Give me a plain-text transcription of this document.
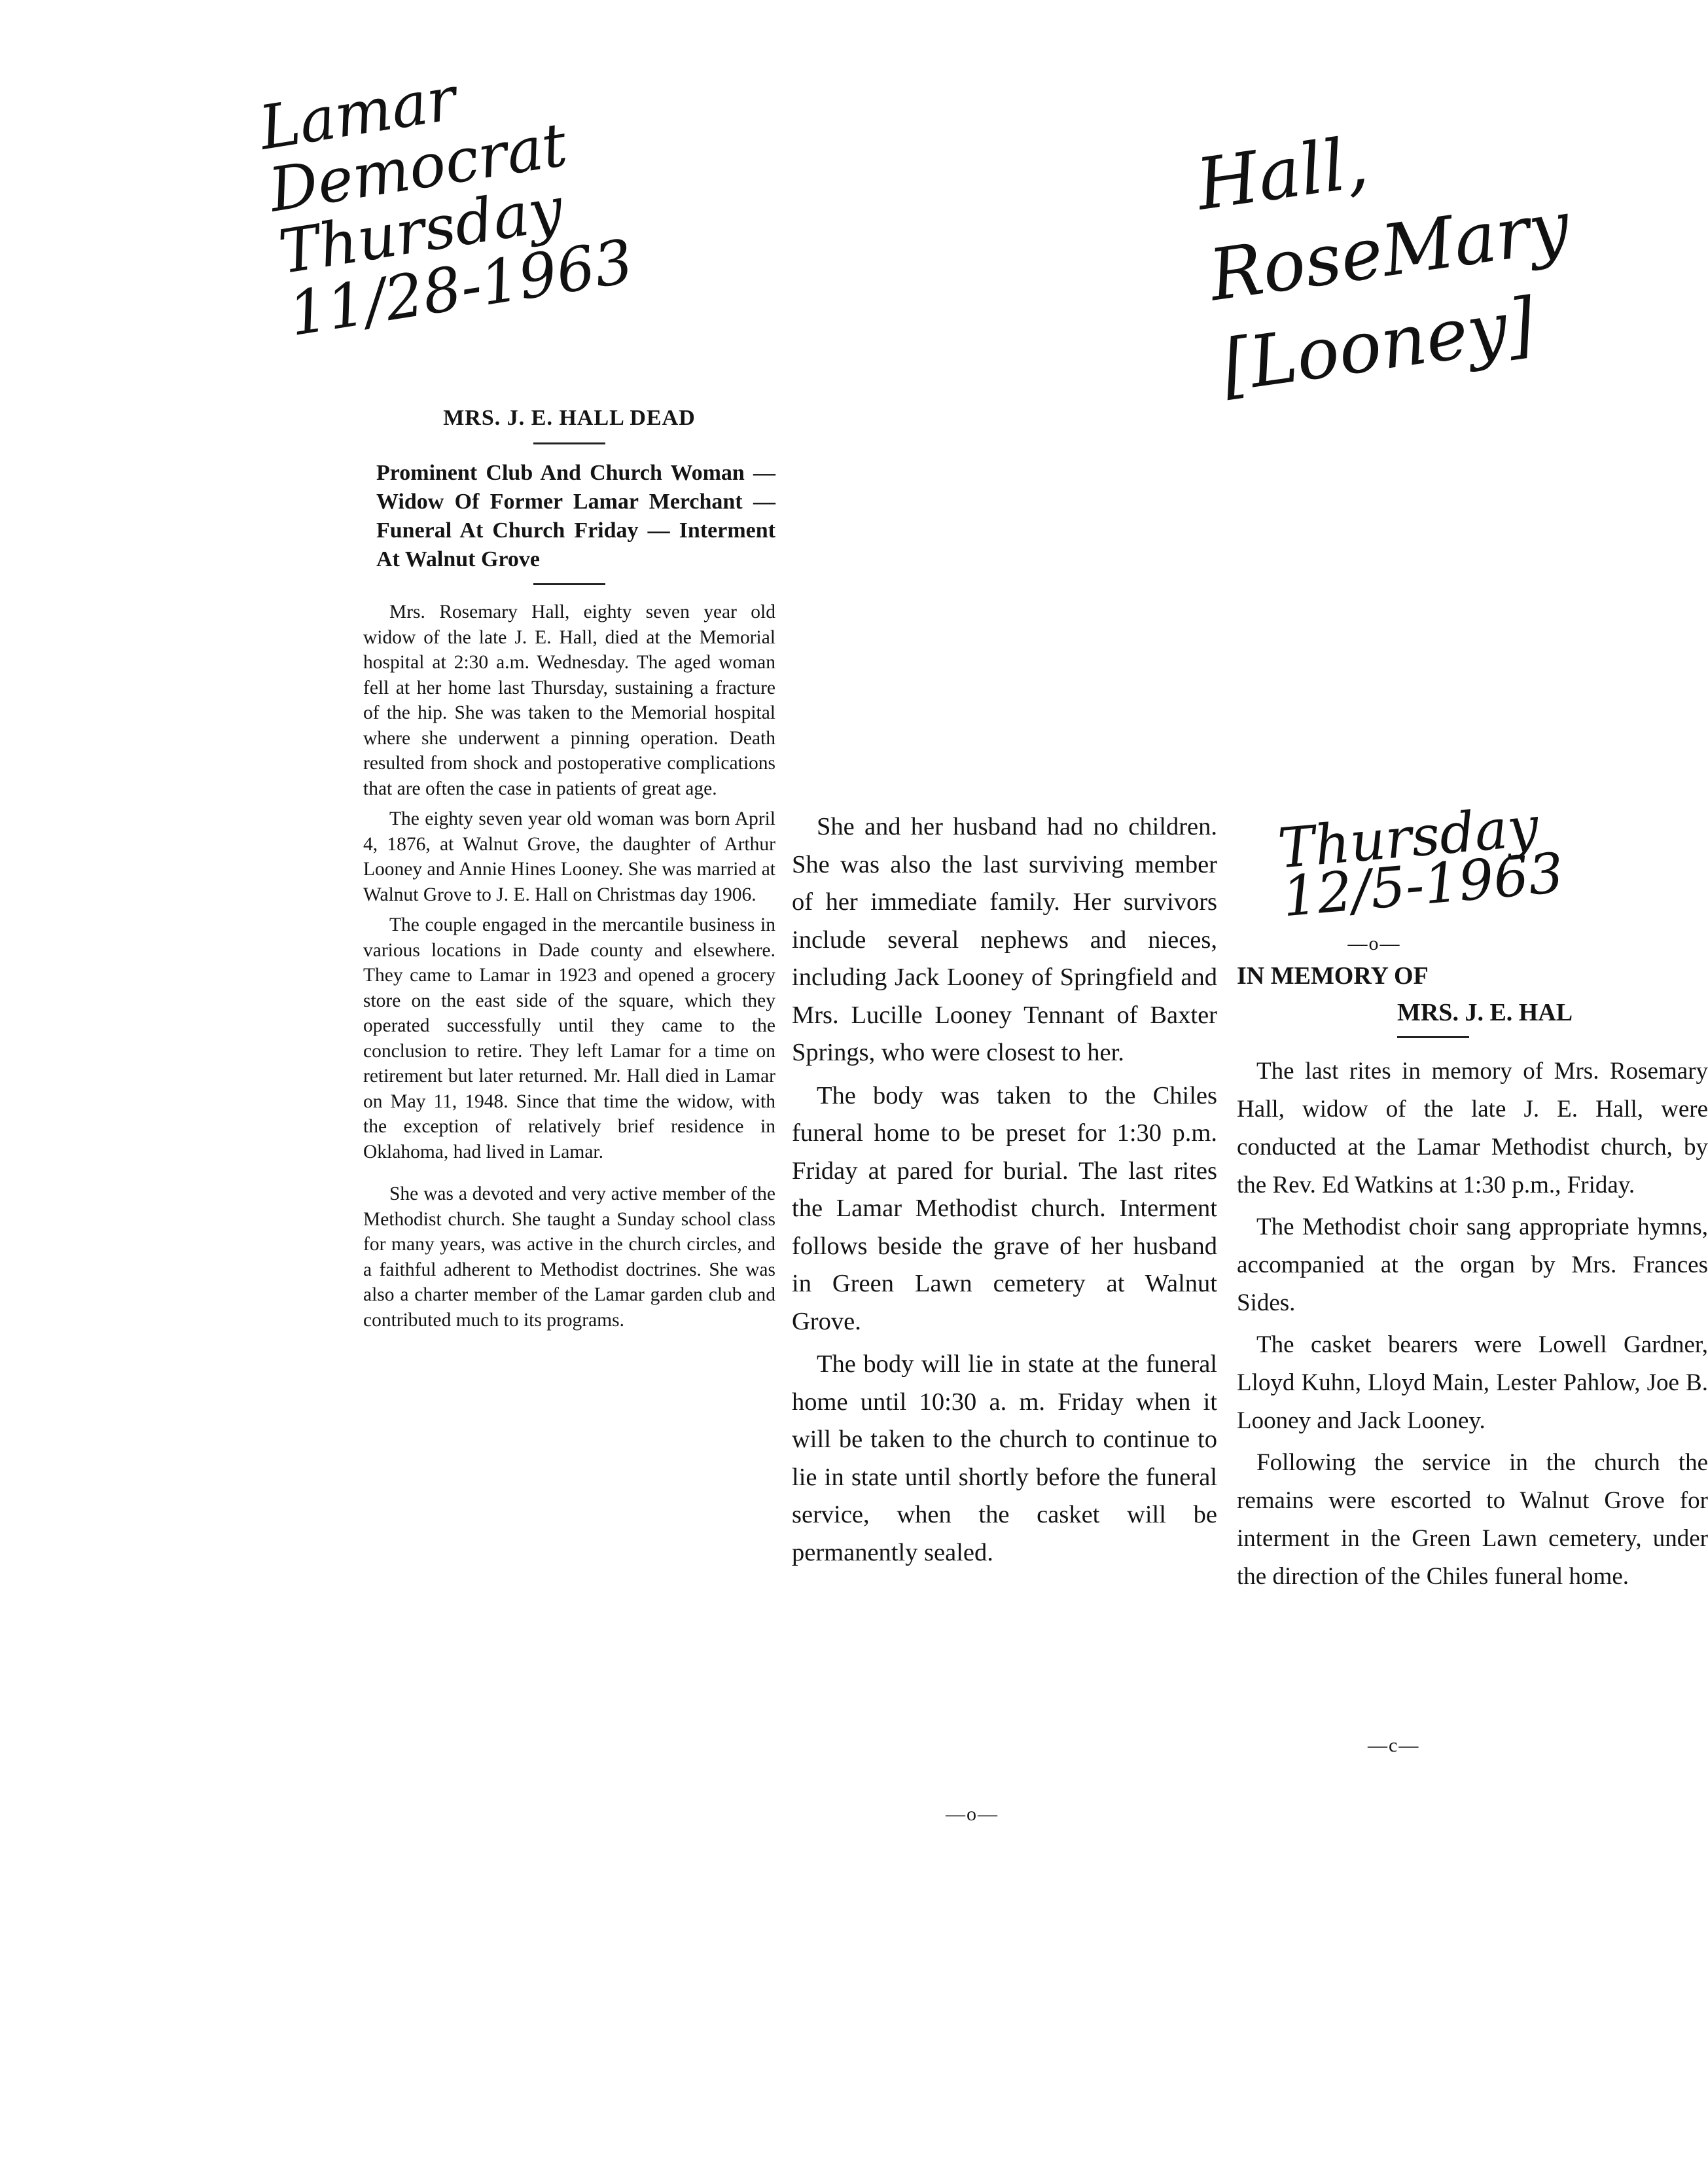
Lamar
Democrat
Thursday
11/28-1963
Hall,
RoseMary
[Looney]
Thursday
12/5-1963
MRS. J. E. HALL DEAD
Prominent Club And Church Woman — Widow Of Former Lamar Merchant — Funeral At Church Friday — Interment At Walnut Grove

Mrs. Rosemary Hall, eighty seven year old widow of the late J. E. Hall, died at the Memorial hospital at 2:30 a.m. Wednesday. The aged woman fell at her home last Thursday, sustaining a fracture of the hip. She was taken to the Memorial hospital where she underwent a pinning operation. Death resulted from shock and postoperative complications that are often the case in patients of great age.

The eighty seven year old woman was born April 4, 1876, at Walnut Grove, the daughter of Arthur Looney and Annie Hines Looney. She was married at Walnut Grove to J. E. Hall on Christmas day 1906.

The couple engaged in the mercantile business in various locations in Dade county and elsewhere. They came to Lamar in 1923 and opened a grocery store on the east side of the square, which they operated successfully until they came to the conclusion to retire. They left Lamar for a time on retirement but later returned. Mr. Hall died in Lamar on May 11, 1948. Since that time the widow, with the exception of relatively brief residence in Oklahoma, had lived in Lamar.

She was a devoted and very active member of the Methodist church. She taught a Sunday school class for many years, was active in the church circles, and a faithful adherent to Methodist doctrines. She was also a charter member of the Lamar garden club and contributed much to its programs.

She and her husband had no children. She was also the last surviving member of her immediate family. Her survivors include several nephews and nieces, including Jack Looney of Springfield and Mrs. Lucille Looney Tennant of Baxter Springs, who were closest to her.

The body was taken to the Chiles funeral home to be preset for 1:30 p.m. Friday at pared for burial. The last rites the Lamar Methodist church. Interment follows beside the grave of her husband in Green Lawn cemetery at Walnut Grove.

The body will lie in state at the funeral home until 10:30 a. m. Friday when it will be taken to the church to continue to lie in state until shortly before the funeral service, when the casket will be permanently sealed.

—o—
—o—
IN MEMORY OF
MRS. J. E. HAL

The last rites in memory of Mrs. Rosemary Hall, widow of the late J. E. Hall, were conducted at the Lamar Methodist church, by the Rev. Ed Watkins at 1:30 p.m., Friday.

The Methodist choir sang appropriate hymns, accompanied at the organ by Mrs. Frances Sides.

The casket bearers were Lowell Gardner, Lloyd Kuhn, Lloyd Main, Lester Pahlow, Joe B. Looney and Jack Looney.

Following the service in the church the remains were escorted to Walnut Grove for interment in the Green Lawn cemetery, under the direction of the Chiles funeral home.

—c—
